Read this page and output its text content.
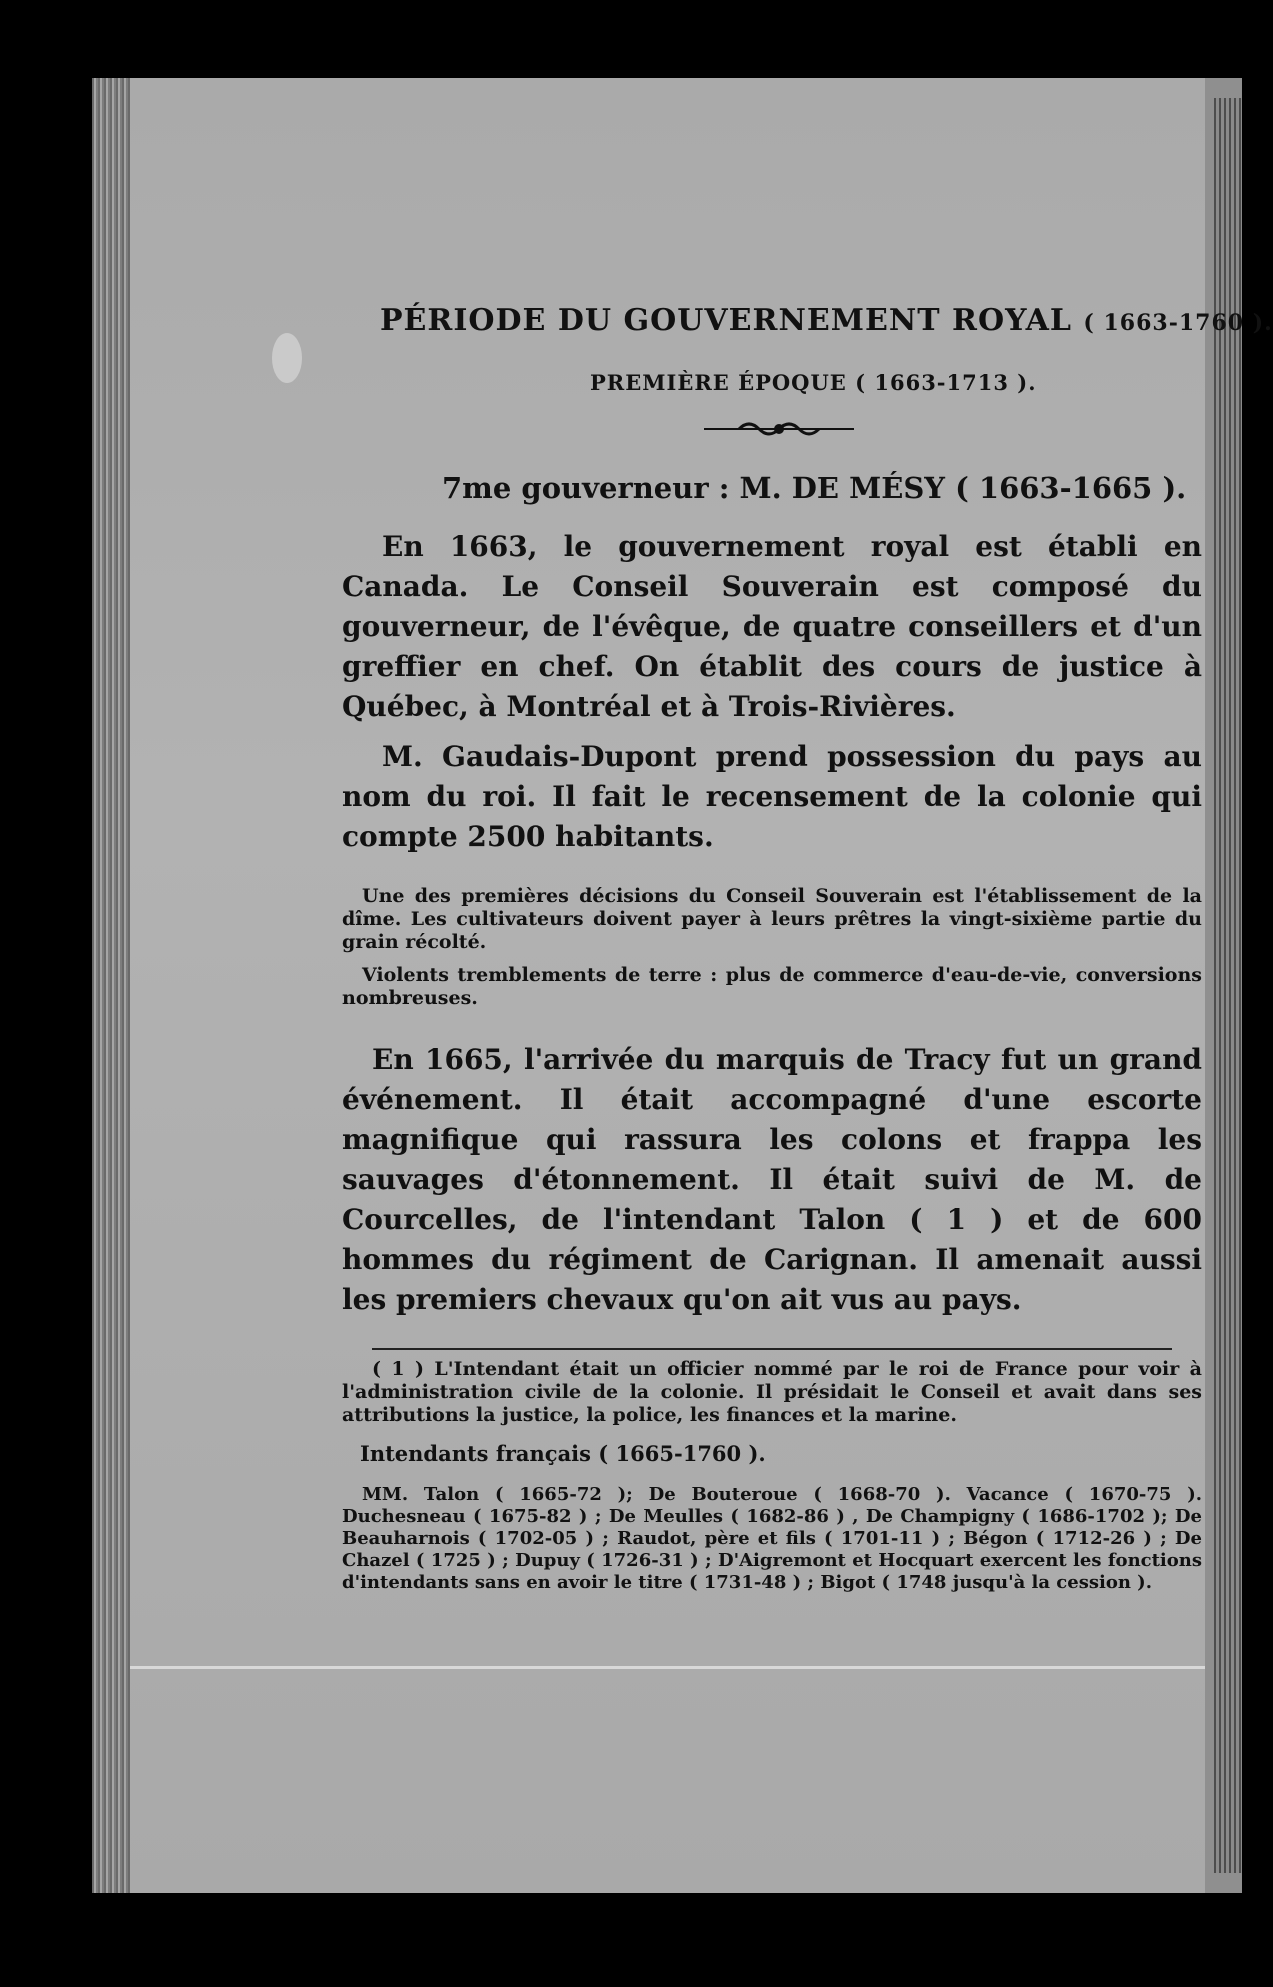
PÉRIODE DU GOUVERNEMENT ROYAL ( 1663-1760 ).
PREMIÈRE ÉPOQUE ( 1663-1713 ).
7me gouverneur : M. DE MÉSY ( 1663-1665 ).

En 1663, le gouvernement royal est établi en Canada. Le Conseil Souverain est composé du gouverneur, de l'évêque, de quatre conseillers et d'un greffier en chef. On établit des cours de justice à Québec, à Montréal et à Trois-Rivières.

M. Gaudais-Dupont prend possession du pays au nom du roi. Il fait le recensement de la colonie qui compte 2500 habitants.

Une des premières décisions du Conseil Souverain est l'établissement de la dîme. Les cultivateurs doivent payer à leurs prêtres la vingt-sixième partie du grain récolté.

Violents tremblements de terre : plus de commerce d'eau-de-vie, conversions nombreuses.

En 1665, l'arrivée du marquis de Tracy fut un grand événement. Il était accompagné d'une escorte magnifique qui rassura les colons et frappa les sauvages d'étonnement. Il était suivi de M. de Courcelles, de l'intendant Talon ( 1 ) et de 600 hommes du régiment de Carignan. Il amenait aussi les premiers chevaux qu'on ait vus au pays.

( 1 ) L'Intendant était un officier nommé par le roi de France pour voir à l'administration civile de la colonie. Il présidait le Conseil et avait dans ses attributions la justice, la police, les finances et la marine.

Intendants français ( 1665-1760 ).

MM. Talon ( 1665-72 ); De Bouteroue ( 1668-70 ). Vacance ( 1670-75 ). Duchesneau ( 1675-82 ) ; De Meulles ( 1682-86 ) , De Champigny ( 1686-1702 ); De Beauharnois ( 1702-05 ) ; Raudot, père et fils ( 1701-11 ) ; Bégon ( 1712-26 ) ; De Chazel ( 1725 ) ; Dupuy ( 1726-31 ) ; D'Aigremont et Hocquart exercent les fonctions d'intendants sans en avoir le titre ( 1731-48 ) ; Bigot ( 1748 jusqu'à la cession ).
